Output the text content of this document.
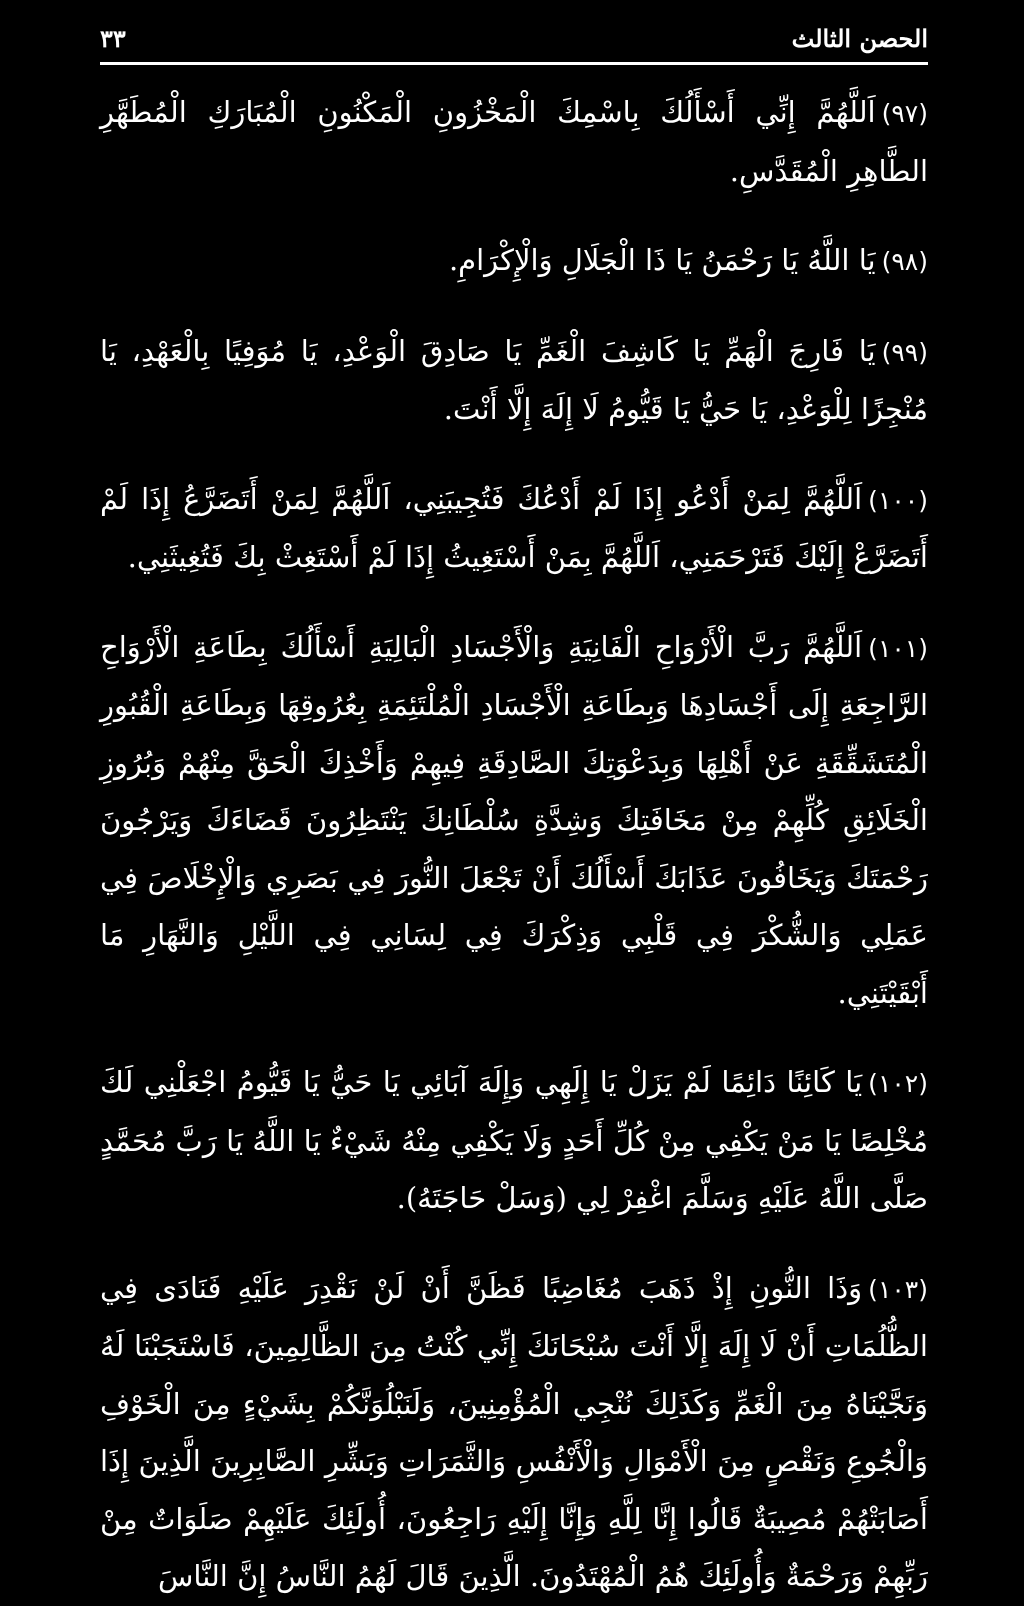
الحصن الثالث
٣٣

(٩٧)اَللَّهُمَّ إِنِّي أَسْأَلُكَ بِاسْمِكَ الْمَخْزُونِ الْمَكْنُونِ الْمُبَارَكِ الْمُطَهَّرِ الطَّاهِرِ الْمُقَدَّسِ.

(٩٨)يَا اللَّهُ يَا رَحْمَنُ يَا ذَا الْجَلَالِ وَالْإِكْرَامِ.

(٩٩)يَا فَارِجَ الْهَمِّ يَا كَاشِفَ الْغَمِّ يَا صَادِقَ الْوَعْدِ، يَا مُوَفِيًا بِالْعَهْدِ، يَا مُنْجِزًا لِلْوَعْدِ، يَا حَيُّ يَا قَيُّومُ لَا إِلَهَ إِلَّا أَنْتَ.

(١٠٠)اَللَّهُمَّ لِمَنْ أَدْعُو إِذَا لَمْ أَدْعُكَ فَتُجِيبَنِي، اَللَّهُمَّ لِمَنْ أَتَضَرَّعُ إِذَا لَمْ أَتَضَرَّعْ إِلَيْكَ فَتَرْحَمَنِي، اَللَّهُمَّ بِمَنْ أَسْتَغِيثُ إِذَا لَمْ أَسْتَغِثْ بِكَ فَتُغِيثَنِي.

(١٠١)اَللَّهُمَّ رَبَّ الْأَرْوَاحِ الْفَانِيَةِ وَالْأَجْسَادِ الْبَالِيَةِ أَسْأَلُكَ بِطَاعَةِ الْأَرْوَاحِ الرَّاجِعَةِ إِلَى أَجْسَادِهَا وَبِطَاعَةِ الْأَجْسَادِ الْمُلْتَئِمَةِ بِعُرُوقِهَا وَبِطَاعَةِ الْقُبُورِ الْمُتَشَقِّقَةِ عَنْ أَهْلِهَا وَبِدَعْوَتِكَ الصَّادِقَةِ فِيهِمْ وَأَخْذِكَ الْحَقَّ مِنْهُمْ وَبُرُوزِ الْخَلَائِقِ كُلِّهِمْ مِنْ مَخَافَتِكَ وَشِدَّةِ سُلْطَانِكَ يَنْتَظِرُونَ قَضَاءَكَ وَيَرْجُونَ رَحْمَتَكَ وَيَخَافُونَ عَذَابَكَ أَسْأَلُكَ أَنْ تَجْعَلَ النُّورَ فِي بَصَرِي وَالْإِخْلَاصَ فِي عَمَلِي وَالشُّكْرَ فِي قَلْبِي وَذِكْرَكَ فِي لِسَانِي فِي اللَّيْلِ وَالنَّهَارِ مَا أَبْقَيْتَنِي.

(١٠٢)يَا كَائِنًا دَائِمًا لَمْ يَزَلْ يَا إِلَهِي وَإِلَهَ آبَائِي يَا حَيُّ يَا قَيُّومُ اجْعَلْنِي لَكَ مُخْلِصًا يَا مَنْ يَكْفِي مِنْ كُلِّ أَحَدٍ وَلَا يَكْفِي مِنْهُ شَيْءٌ يَا اللَّهُ يَا رَبَّ مُحَمَّدٍ صَلَّى اللَّهُ عَلَيْهِ وَسَلَّمَ اغْفِرْ لِي (وَسَلْ حَاجَتَهُ).

(١٠٣)وَذَا النُّونِ إِذْ ذَهَبَ مُغَاضِبًا فَظَنَّ أَنْ لَنْ نَقْدِرَ عَلَيْهِ فَنَادَى فِي الظُّلُمَاتِ أَنْ لَا إِلَهَ إِلَّا أَنْتَ سُبْحَانَكَ إِنِّي كُنْتُ مِنَ الظَّالِمِينَ، فَاسْتَجَبْنَا لَهُ وَنَجَّيْنَاهُ مِنَ الْغَمِّ وَكَذَلِكَ نُنْجِي الْمُؤْمِنِينَ، وَلَنَبْلُوَنَّكُمْ بِشَيْءٍ مِنَ الْخَوْفِ وَالْجُوعِ وَنَقْصٍ مِنَ الْأَمْوَالِ وَالْأَنْفُسِ وَالثَّمَرَاتِ وَبَشِّرِ الصَّابِرِينَ الَّذِينَ إِذَا أَصَابَتْهُمْ مُصِيبَةٌ قَالُوا إِنَّا لِلَّهِ وَإِنَّا إِلَيْهِ رَاجِعُونَ، أُولَئِكَ عَلَيْهِمْ صَلَوَاتٌ مِنْ رَبِّهِمْ وَرَحْمَةٌ وَأُولَئِكَ هُمُ الْمُهْتَدُونَ. الَّذِينَ قَالَ لَهُمُ النَّاسُ إِنَّ النَّاسَ
